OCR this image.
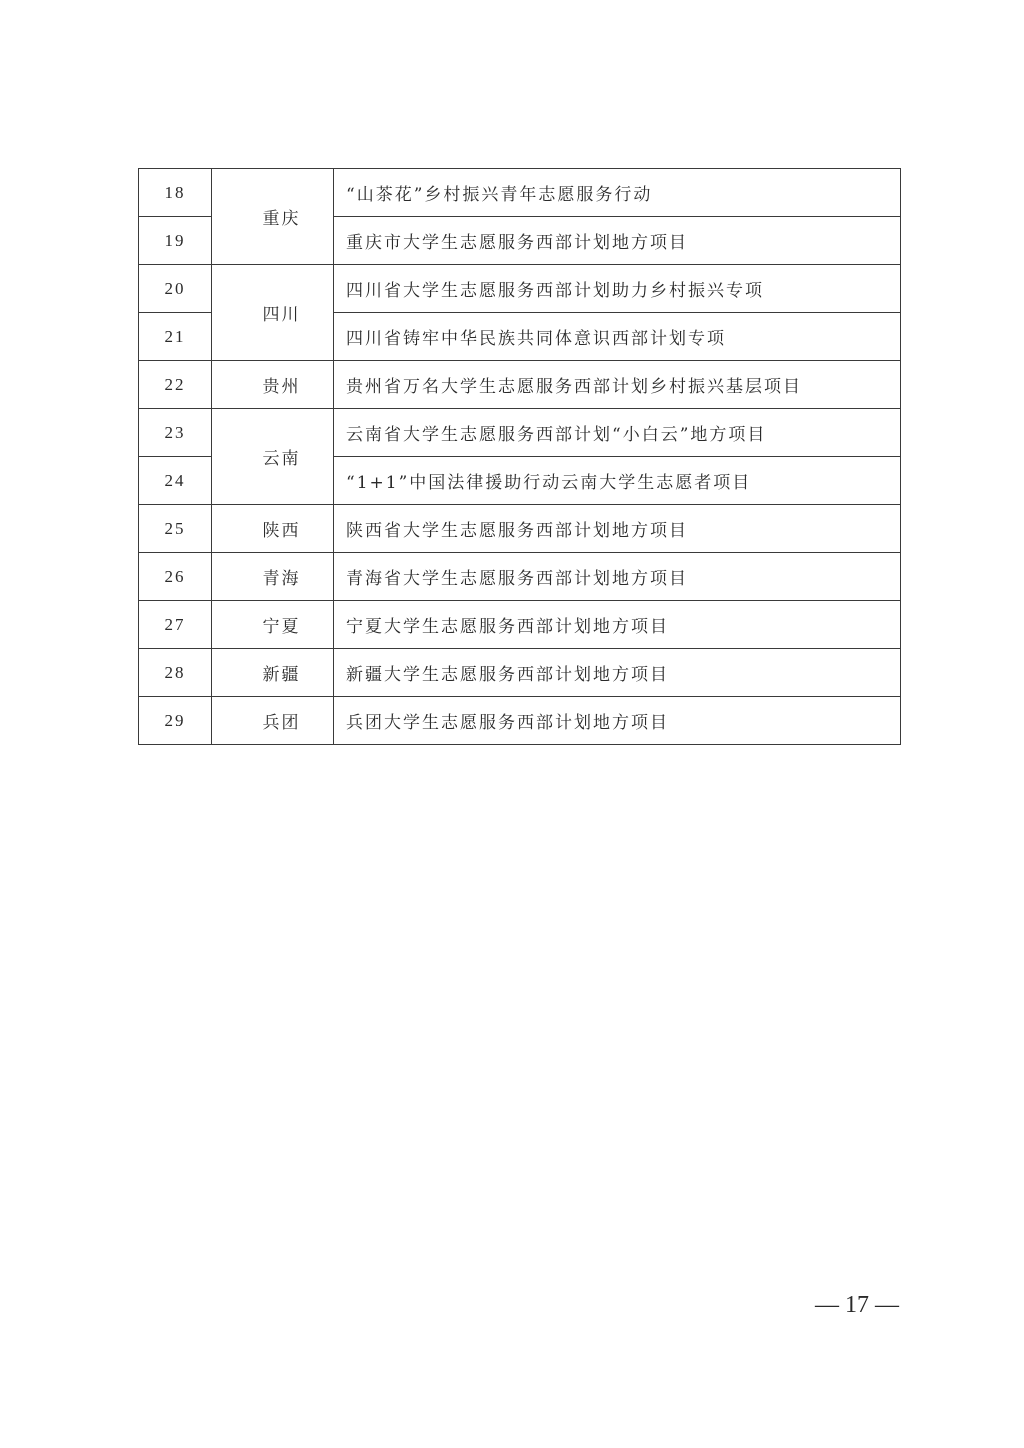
18	重庆	“山茶花”乡村振兴青年志愿服务行动
19		重庆市大学生志愿服务西部计划地方项目
20	四川	四川省大学生志愿服务西部计划助力乡村振兴专项
21		四川省铸牢中华民族共同体意识西部计划专项
22	贵州	贵州省万名大学生志愿服务西部计划乡村振兴基层项目
23	云南	云南省大学生志愿服务西部计划“小白云”地方项目
24		“1+1”中国法律援助行动云南大学生志愿者项目
25	陕西	陕西省大学生志愿服务西部计划地方项目
26	青海	青海省大学生志愿服务西部计划地方项目
27	宁夏	宁夏大学生志愿服务西部计划地方项目
28	新疆	新疆大学生志愿服务西部计划地方项目
29	兵团	兵团大学生志愿服务西部计划地方项目
— 17 —
